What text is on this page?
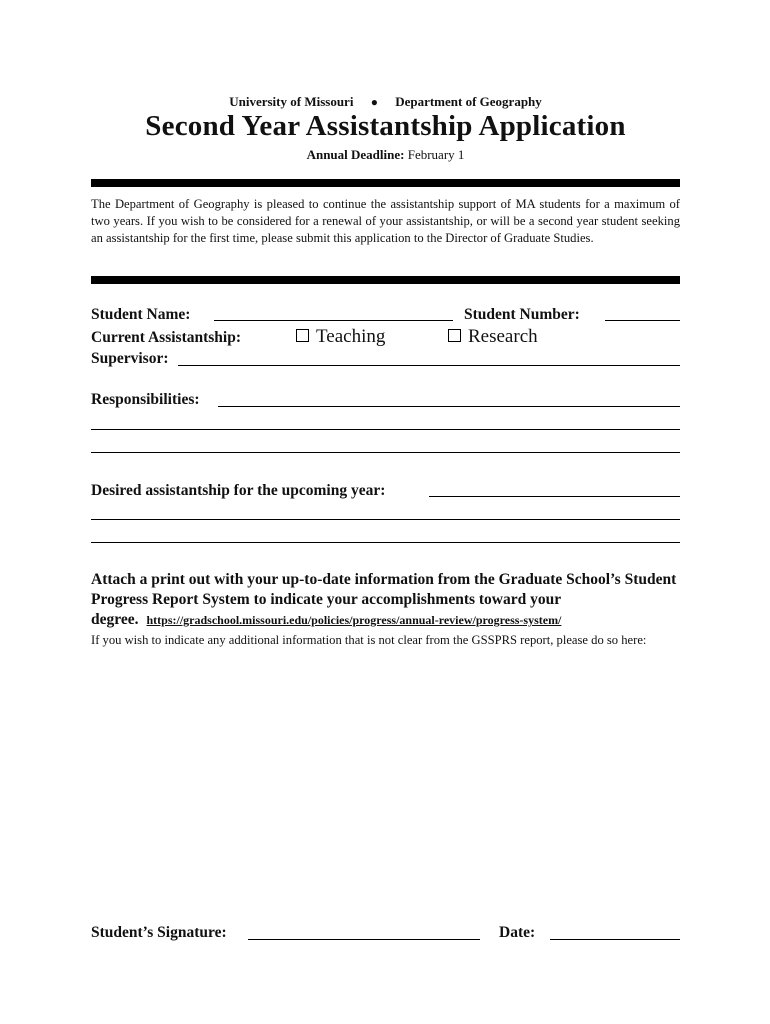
University of Missouri ● Department of Geography
Second Year Assistantship Application
Annual Deadline: February 1
The Department of Geography is pleased to continue the assistantship support of MA students for a maximum of two years. If you wish to be considered for a renewal of your assistantship, or will be a second year student seeking an assistantship for the first time, please submit this application to the Director of Graduate Studies.
Student Name:	Student Number:
Current Assistantship:	Teaching	Research
Supervisor:
Responsibilities:
Desired assistantship for the upcoming year:
Attach a print out with your up-to-date information from the Graduate School’s Student Progress Report System to indicate your accomplishments toward your degree. https://gradschool.missouri.edu/policies/progress/annual-review/progress-system/
If you wish to indicate any additional information that is not clear from the GSSPRS report, please do so here:
Student’s Signature:	Date:
